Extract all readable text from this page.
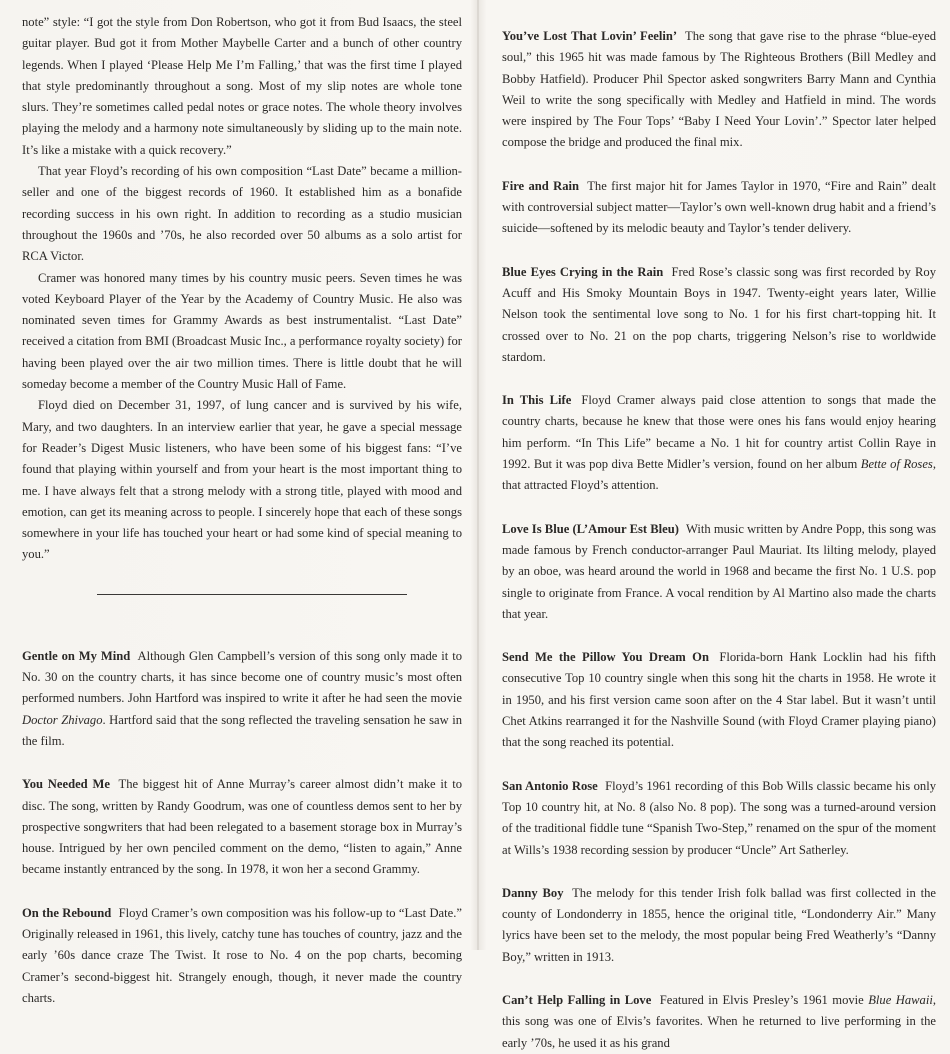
note” style: “I got the style from Don Robertson, who got it from Bud Isaacs, the steel guitar player. Bud got it from Mother Maybelle Carter and a bunch of other country legends. When I played ‘Please Help Me I’m Falling,’ that was the first time I played that style predominantly throughout a song. Most of my slip notes are whole tone slurs. They’re sometimes called pedal notes or grace notes. The whole theory involves playing the melody and a harmony note simultaneously by sliding up to the main note. It’s like a mistake with a quick recovery.”

That year Floyd’s recording of his own composition “Last Date” became a million-seller and one of the biggest records of 1960. It established him as a bonafide recording success in his own right. In addition to recording as a studio musician throughout the 1960s and ’70s, he also recorded over 50 albums as a solo artist for RCA Victor.

Cramer was honored many times by his country music peers. Seven times he was voted Keyboard Player of the Year by the Academy of Country Music. He also was nominated seven times for Grammy Awards as best instrumentalist. “Last Date” received a citation from BMI (Broadcast Music Inc., a performance royalty society) for having been played over the air two million times. There is little doubt that he will someday become a member of the Country Music Hall of Fame.

Floyd died on December 31, 1997, of lung cancer and is survived by his wife, Mary, and two daughters. In an interview earlier that year, he gave a special message for Reader’s Digest Music listeners, who have been some of his biggest fans: “I’ve found that playing within yourself and from your heart is the most important thing to me. I have always felt that a strong melody with a strong title, played with mood and emotion, can get its meaning across to people. I sincerely hope that each of these songs somewhere in your life has touched your heart or had some kind of special meaning to you.”

Gentle on My Mind Although Glen Campbell’s version of this song only made it to No. 30 on the country charts, it has since become one of country music’s most often performed numbers. John Hartford was inspired to write it after he had seen the movie Doctor Zhivago. Hartford said that the song reflected the traveling sensation he saw in the film.

You Needed Me The biggest hit of Anne Murray’s career almost didn’t make it to disc. The song, written by Randy Goodrum, was one of countless demos sent to her by prospective songwriters that had been relegated to a basement storage box in Murray’s house. Intrigued by her own penciled comment on the demo, “listen to again,” Anne became instantly entranced by the song. In 1978, it won her a second Grammy.

On the Rebound Floyd Cramer’s own composition was his follow-up to “Last Date.” Originally released in 1961, this lively, catchy tune has touches of country, jazz and the early ’60s dance craze The Twist. It rose to No. 4 on the pop charts, becoming Cramer’s second-biggest hit. Strangely enough, though, it never made the country charts.

You’ve Lost That Lovin’ Feelin’ The song that gave rise to the phrase “blue-eyed soul,” this 1965 hit was made famous by The Righteous Brothers (Bill Medley and Bobby Hatfield). Producer Phil Spector asked songwriters Barry Mann and Cynthia Weil to write the song specifically with Medley and Hatfield in mind. The words were inspired by The Four Tops’ “Baby I Need Your Lovin’.” Spector later helped compose the bridge and produced the final mix.

Fire and Rain The first major hit for James Taylor in 1970, “Fire and Rain” dealt with controversial subject matter—Taylor’s own well-known drug habit and a friend’s suicide—softened by its melodic beauty and Taylor’s tender delivery.

Blue Eyes Crying in the Rain Fred Rose’s classic song was first recorded by Roy Acuff and His Smoky Mountain Boys in 1947. Twenty-eight years later, Willie Nelson took the sentimental love song to No. 1 for his first chart-topping hit. It crossed over to No. 21 on the pop charts, triggering Nelson’s rise to worldwide stardom.

In This Life Floyd Cramer always paid close attention to songs that made the country charts, because he knew that those were ones his fans would enjoy hearing him perform. “In This Life” became a No. 1 hit for country artist Collin Raye in 1992. But it was pop diva Bette Midler’s version, found on her album Bette of Roses, that attracted Floyd’s attention.

Love Is Blue (L’Amour Est Bleu) With music written by Andre Popp, this song was made famous by French conductor-arranger Paul Mauriat. Its lilting melody, played by an oboe, was heard around the world in 1968 and became the first No. 1 U.S. pop single to originate from France. A vocal rendition by Al Martino also made the charts that year.

Send Me the Pillow You Dream On Florida-born Hank Locklin had his fifth consecutive Top 10 country single when this song hit the charts in 1958. He wrote it in 1950, and his first version came soon after on the 4 Star label. But it wasn’t until Chet Atkins rearranged it for the Nashville Sound (with Floyd Cramer playing piano) that the song reached its potential.

San Antonio Rose Floyd’s 1961 recording of this Bob Wills classic became his only Top 10 country hit, at No. 8 (also No. 8 pop). The song was a turned-around version of the traditional fiddle tune “Spanish Two-Step,” renamed on the spur of the moment at Wills’s 1938 recording session by producer “Uncle” Art Satherley.

Danny Boy The melody for this tender Irish folk ballad was first collected in the county of Londonderry in 1855, hence the original title, “Londonderry Air.” Many lyrics have been set to the melody, the most popular being Fred Weatherly’s “Danny Boy,” written in 1913.

Can’t Help Falling in Love Featured in Elvis Presley’s 1961 movie Blue Hawaii, this song was one of Elvis’s favorites. When he returned to live performing in the early ’70s, he used it as his grand
